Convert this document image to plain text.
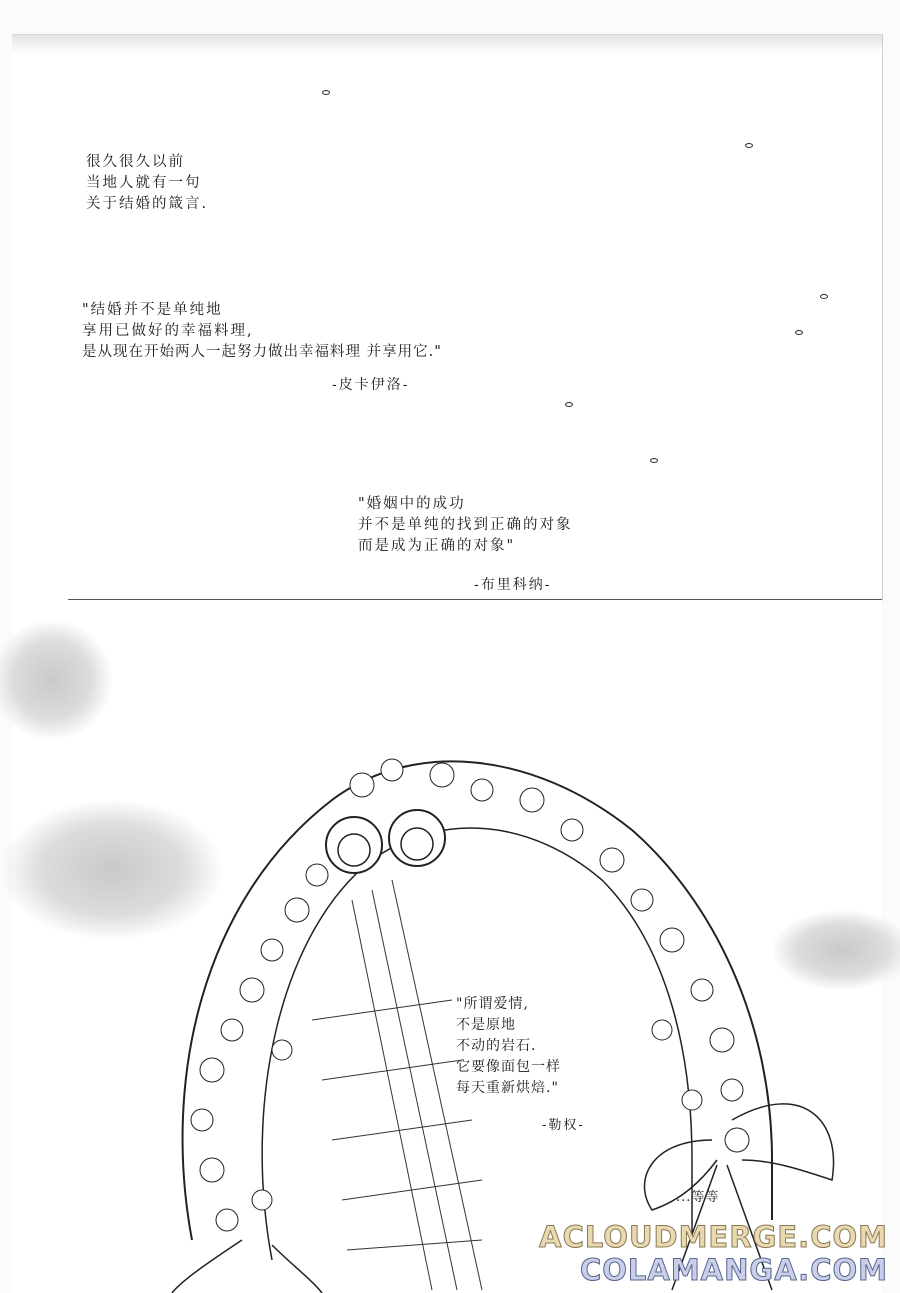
很久很久以前
当地人就有一句
关于结婚的箴言.
"结婚并不是单纯地
享用已做好的幸福料理,
是从现在开始两人一起努力做出幸福料理 并享用它."
-皮卡伊洛-
"婚姻中的成功
并不是单纯的找到正确的对象
而是成为正确的对象"
-布里科纳-
"所谓爱情,
不是原地
不动的岩石.
它要像面包一样
每天重新烘焙."
-勒权-
...等等
ACLOUDMERGE.COM
COLAMANGA.COM
